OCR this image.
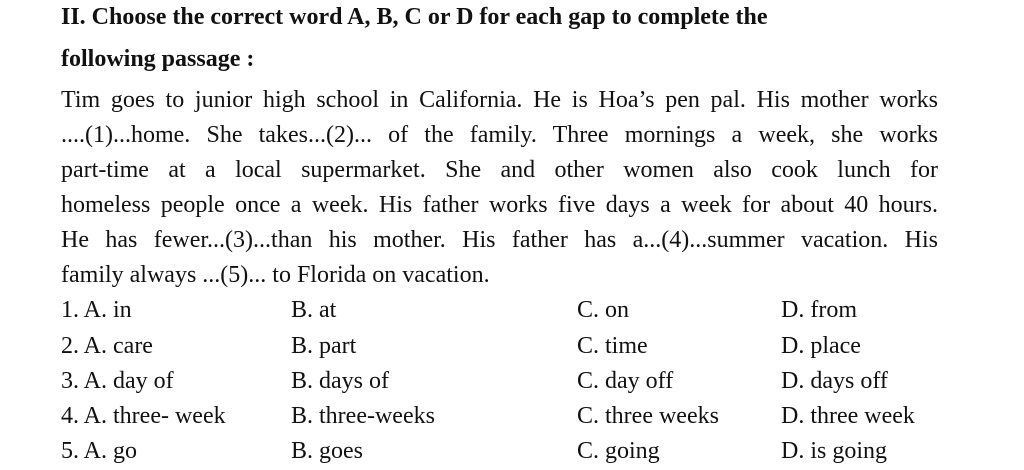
II. Choose the correct word A, B, C or D for each gap to complete the
following passage :
Tim goes to junior high school in California. He is Hoa’s pen pal. His mother works
....(1)...home. She takes...(2)... of the family. Three mornings a week, she works
part-time at a local supermarket. She and other women also cook lunch for
homeless people once a week. His father works five days a week for about 40 hours.
He has fewer...(3)...than his mother. His father has a...(4)...summer vacation. His
family always ...(5)... to Florida on vacation.
1. A. in	B. at	C. on	D. from
2. A. care	B. part	C. time	D. place
3. A. day of	B. days of	C. day off	D. days off
4. A. three- week	B. three-weeks	C. three weeks	D. three week
5. A. go	B. goes	C. going	D. is going
